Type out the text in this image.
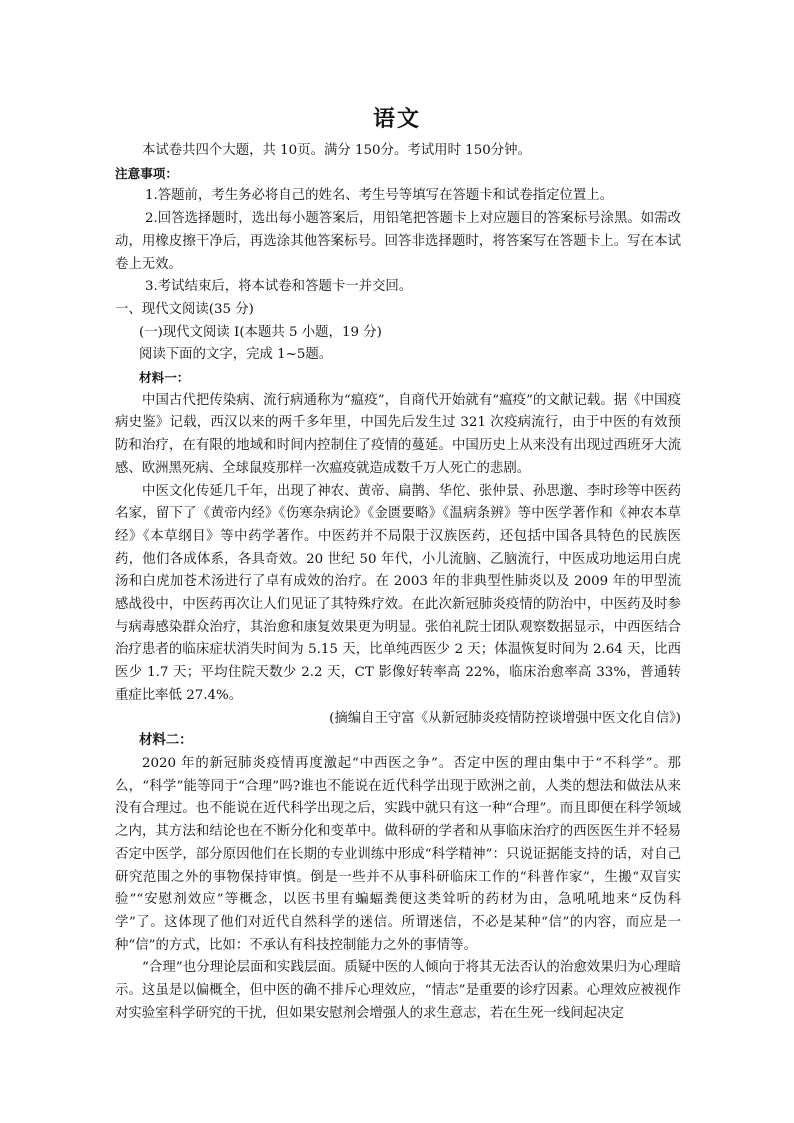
语文

本试卷共四个大题，共 10页。满分 150分。考试用时 150分钟。

注意事项：

1.答题前，考生务必将自己的姓名、考生号等填写在答题卡和试卷指定位置上。

2.回答选择题时，选出每小题答案后，用铅笔把答题卡上对应题目的答案标号涂黑。如需改动，用橡皮擦干净后，再选涂其他答案标号。回答非选择题时，将答案写在答题卡上。写在本试卷上无效。

3.考试结束后，将本试卷和答题卡一并交回。

一、现代文阅读(35 分)

(一)现代文阅读 I(本题共 5 小题，19 分)

阅读下面的文字，完成 1~5题。

材料一：

中国古代把传染病、流行病通称为“瘟疫”，自商代开始就有“瘟疫”的文献记载。据《中国疫病史鉴》记载，西汉以来的两千多年里，中国先后发生过 321 次疫病流行，由于中医的有效预防和治疗，在有限的地域和时间内控制住了疫情的蔓延。中国历史上从来没有出现过西班牙大流感、欧洲黑死病、全球鼠疫那样一次瘟疫就造成数千万人死亡的悲剧。

中医文化传延几千年，出现了神农、黄帝、扁鹊、华佗、张仲景、孙思邈、李时珍等中医药名家，留下了《黄帝内经》《伤寒杂病论》《金匮要略》《温病条辨》等中医学著作和《神农本草经》《本草纲目》等中药学著作。中医药并不局限于汉族医药，还包括中国各具特色的民族医药，他们各成体系，各具奇效。20 世纪 50 年代，小儿流脑、乙脑流行，中医成功地运用白虎汤和白虎加苍术汤进行了卓有成效的治疗。在 2003 年的非典型性肺炎以及 2009 年的甲型流感战役中，中医药再次让人们见证了其特殊疗效。在此次新冠肺炎疫情的防治中，中医药及时参与病毒感染群众治疗，其治愈和康复效果更为明显。张伯礼院士团队观察数据显示，中西医结合治疗患者的临床症状消失时间为 5.15 天，比单纯西医少 2 天；体温恢复时间为 2.64 天，比西医少 1.7 天；平均住院天数少 2.2 天，CT 影像好转率高 22%，临床治愈率高 33%，普通转重症比率低 27.4%。

(摘编自王守富《从新冠肺炎疫情防控谈增强中医文化自信》)

材料二：

2020 年的新冠肺炎疫情再度激起“中西医之争”。否定中医的理由集中于“不科学”。那么，“科学”能等同于“合理”吗?谁也不能说在近代科学出现于欧洲之前，人类的想法和做法从来没有合理过。也不能说在近代科学出现之后，实践中就只有这一种“合理”。而且即便在科学领域之内，其方法和结论也在不断分化和变革中。做科研的学者和从事临床治疗的西医医生并不轻易否定中医学，部分原因他们在长期的专业训练中形成“科学精神”：只说证据能支持的话，对自己研究范围之外的事物保持审慎。倒是一些并不从事科研临床工作的“科普作家”，生搬“双盲实验”“安慰剂效应”等概念，以医书里有蝙蝠粪便这类耸听的药材为由，急吼吼地来“反伪科学”了。这体现了他们对近代自然科学的迷信。所谓迷信，不必是某种“信”的内容，而应是一种“信”的方式，比如：不承认有科技控制能力之外的事情等。

“合理”也分理论层面和实践层面。质疑中医的人倾向于将其无法否认的治愈效果归为心理暗示。这虽是以偏概全，但中医的确不排斥心理效应，“情志”是重要的诊疗因素。心理效应被视作对实验室科学研究的干扰，但如果安慰剂会增强人的求生意志，若在生死一线间起决定
